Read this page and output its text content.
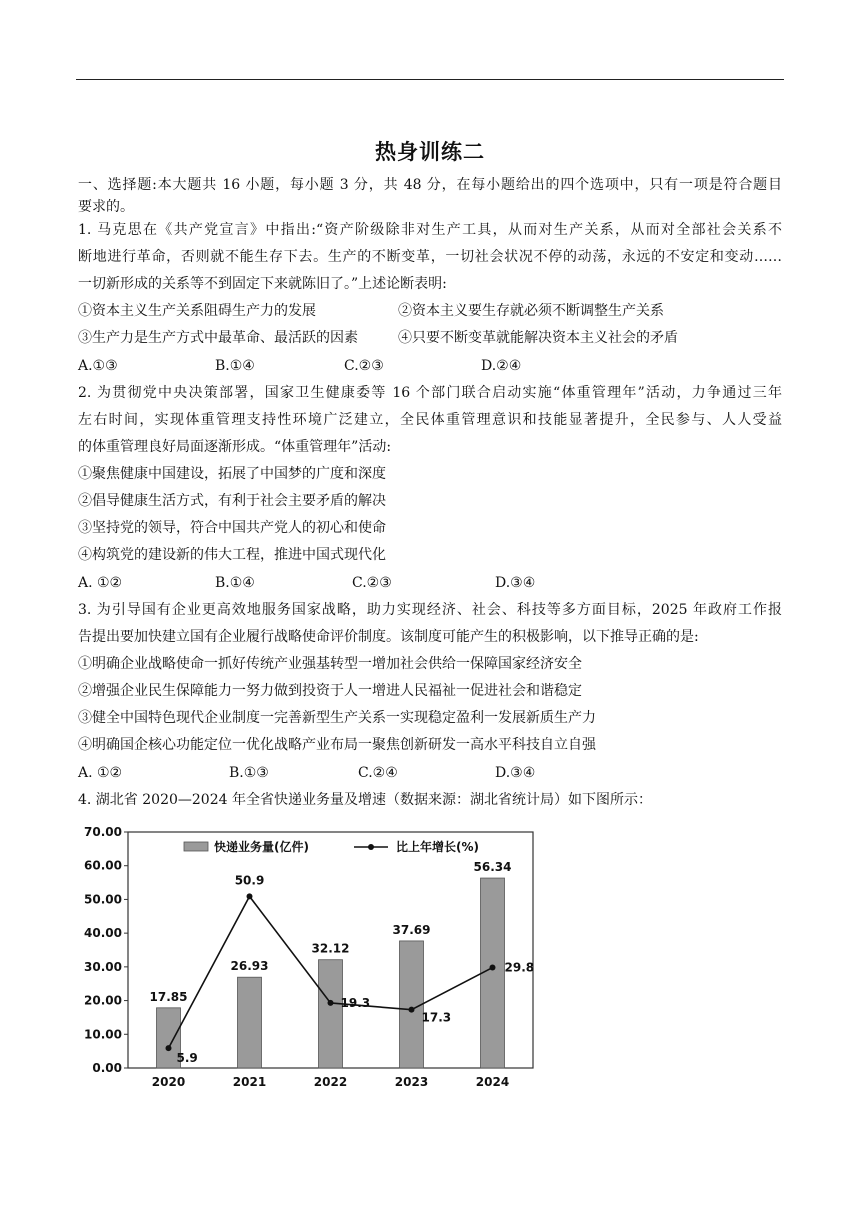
热身训练二
一、选择题:本大题共 16 小题，每小题 3 分，共 48 分，在每小题给出的四个选项中，只有一项是符合题目
要求的。
1. 马克思在《共产党宣言》中指出:“资产阶级除非对生产工具，从而对生产关系，从而对全部社会关系不
断地进行革命，否则就不能生存下去。生产的不断变革，一切社会状况不停的动荡，永远的不安定和变动……
一切新形成的关系等不到固定下来就陈旧了。”上述论断表明:
①资本主义生产关系阻碍生产力的发展	②资本主义要生存就必须不断调整生产关系
③生产力是生产方式中最革命、最活跃的因素	④只要不断变革就能解决资本主义社会的矛盾
A.①③	B.①④	C.②③	D.②④
2. 为贯彻党中央决策部署，国家卫生健康委等 16 个部门联合启动实施“体重管理年”活动，力争通过三年
左右时间，实现体重管理支持性环境广泛建立，全民体重管理意识和技能显著提升，全民参与、人人受益
的体重管理良好局面逐渐形成。“体重管理年”活动:
①聚焦健康中国建设，拓展了中国梦的广度和深度
②倡导健康生活方式，有利于社会主要矛盾的解决
③坚持党的领导，符合中国共产党人的初心和使命
④构筑党的建设新的伟大工程，推进中国式现代化
A. ①②	B.①④	C.②③	D.③④
3. 为引导国有企业更高效地服务国家战略，助力实现经济、社会、科技等多方面目标，2025 年政府工作报
告提出要加快建立国有企业履行战略使命评价制度。该制度可能产生的积极影响，以下推导正确的是:
①明确企业战略使命一抓好传统产业强基转型一增加社会供给一保障国家经济安全
②增强企业民生保障能力一努力做到投资于人一增进人民福祉一促进社会和谐稳定
③健全中国特色现代企业制度一完善新型生产关系一实现稳定盈利一发展新质生产力
④明确国企核心功能定位一优化战略产业布局一聚焦创新研发一高水平科技自立自强
A. ①②	B.①③	C.②④	D.③④
4. 湖北省 2020—2024 年全省快递业务量及增速（数据来源：湖北省统计局）如下图所示：
70.00
60.00
50.00
40.00
30.00
20.00
10.00
0.00
17.85
26.93
32.12
37.69
56.34
5.9
50.9
19.3
17.3
29.8
2020	2021	2022	2023	2024
快递业务量(亿件)	比上年增长(%)
